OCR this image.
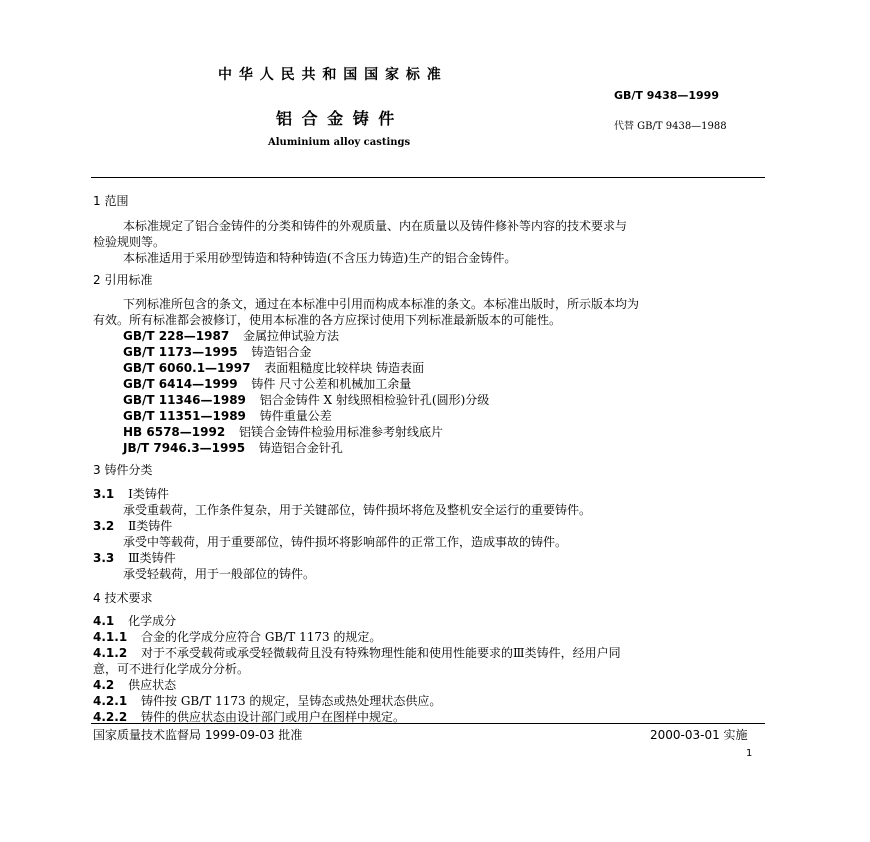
中 华 人 民 共 和 国 国 家 标 准
铝 合 金 铸 件
Aluminium alloy castings
GB/T 9438—1999
代替 GB/T 9438—1988
1 范围
本标准规定了铝合金铸件的分类和铸件的外观质量、内在质量以及铸件修补等内容的技术要求与
检验规则等。
本标准适用于采用砂型铸造和特种铸造(不含压力铸造)生产的铝合金铸件。
2 引用标准
下列标准所包含的条文，通过在本标准中引用而构成本标准的条文。本标准出版时，所示版本均为
有效。所有标准都会被修订，使用本标准的各方应探讨使用下列标准最新版本的可能性。
GB/T 228—1987 金属拉伸试验方法
GB/T 1173—1995 铸造铝合金
GB/T 6060.1—1997 表面粗糙度比较样块 铸造表面
GB/T 6414—1999 铸件 尺寸公差和机械加工余量
GB/T 11346—1989 铝合金铸件 X 射线照相检验针孔(圆形)分级
GB/T 11351—1989 铸件重量公差
HB 6578—1992 铝镁合金铸件检验用标准参考射线底片
JB/T 7946.3—1995 铸造铝合金针孔
3 铸件分类
3.1 Ⅰ类铸件
承受重载荷，工作条件复杂，用于关键部位，铸件损坏将危及整机安全运行的重要铸件。
3.2 Ⅱ类铸件
承受中等载荷，用于重要部位，铸件损坏将影响部件的正常工作，造成事故的铸件。
3.3 Ⅲ类铸件
承受轻载荷，用于一般部位的铸件。
4 技术要求
4.1 化学成分
4.1.1 合金的化学成分应符合 GB/T 1173 的规定。
4.1.2 对于不承受载荷或承受轻微载荷且没有特殊物理性能和使用性能要求的Ⅲ类铸件，经用户同
意，可不进行化学成分分析。
4.2 供应状态
4.2.1 铸件按 GB/T 1173 的规定，呈铸态或热处理状态供应。
4.2.2 铸件的供应状态由设计部门或用户在图样中规定。
国家质量技术监督局 1999-09-03 批准	2000-03-01 实施
1
